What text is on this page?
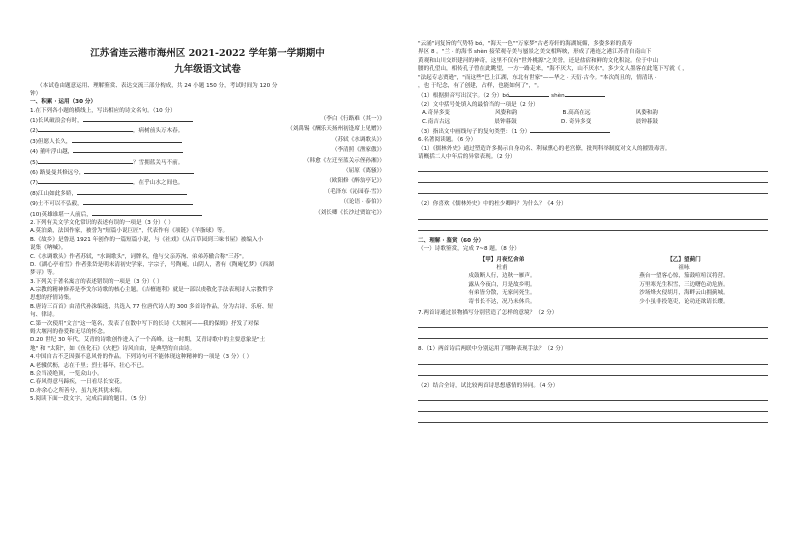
江苏省连云港市海州区 2021-2022 学年第一学期期中
九年级语文试卷

（本试卷由题意运用、理解鉴赏、表达交流三部分构成，共 24 小题 150 分，考试时间为 120 分

钟）

一、积累 · 运用（30 分）

1.在下列各小题的横线上，写出相应的诗文名句。（10 分）

(1)长风破浪会有时，	（李白《行路难（其一）》
(2)	，病树前头万木春。	（刘禹锡《酬乐天扬州初逢席上见赠》）
(3)但愿人长久，	（苏轼《水调歌头》）
(4) 董叶浮山越，	（李清照《渔家傲》）
(5)	？雪拥蓝关马不前。	（韩愈《左迁至蓝关示侄孙湘》）
(6) 路曼曼其修远兮，	（屈原《离骚》）
(7)	，在乎山水之间也。	（欧阳修《醉翁亭记》）
(8)江山如此多娇，	（毛泽东《沁园春·雪》）
(9)士不可以不弘毅，	（《论语 · 泰伯》）
(10)英雄谁堪一人前后，	（刘长卿《长沙过贾谊宅》）

2.下列有关文学文化常识的表述有误的一项是（3 分）（ ）

A.莫泊桑，法国作家，被誉为"短篇小说巨匠"，代表作有《项链》《羊脂球》等。

B.《故乡》是鲁迅 1921 年创作的一篇短篇小说，与《社戏》《从百草园到三味书屋》被编入小

说集《呐喊》。

C.《水调歌头》作者苏轼，"水调歌头"，词牌名，他与父亲苏洵、弟弟苏辙合称"三苏"。

D.《湖心亭看雪》作者张岱是明末清初史学家，字宗子，号陶庵，山阴人，著有《陶庵忆梦》《西湖

梦寻》等。

3.下列关于著名寓言的表述错误的一项是（3 分）（ ）

A.宗教的精神修养是李戈尔诗歌的核心主题。《吉檀迦利》就是一部以虔敬化手法表现诗人宗教哲学

思想的抒情诗集。

B.唐诗三百首》由清代孙洙编选，共选入 77 位唐代诗人的 300 多首诗作品，分为古诗、乐府、短

句、律诗。

C.第一次使用"文言"这一笔名，发表了在散中写下的长诗《大堰河——我的保姆》抒发了对保

姆大堰河的眷爱和无尽的怀念。

D.20 世纪 30 年代，艾青的诗歌创作进入了一个高峰。这一时期，艾青诗歌中的主要意象是"土

地" 和 "太阳"，如《鱼化石》《火把》诗风自由，是典型的自由诗。

4.中国自古不乏因强不息风骨的作品。下列诗句可不能体现这种精神的一项是（3 分）（ ）

A.老骥伏枥，志在千里；烈士暮年，壮心不已。

B.会当凌绝顶，一览众山小。

C.春风得意马蹄疾，一日看尽长安花。

D.亦余心之所善兮，虽九死其犹未悔。

5.阅读下面一段文字，完成后面的题目。（5 分）

"云涌"词复旨的气势特 bó，"海天一色""万家梦"古老寿轩的海湖妩媚，多姿多彩的黄寿

界区 8 。"兰 · 的海书 shèn 接荣观寺美与蜃景之美交相辉映，形成了港连之港江苏青自南山下

黄观和山川交织建河的神奇，这里不仅有"世外桃源"之美誉，还是盐宿和鲜的文化积淀。位于中山

腰的孔望山，相传孔子曾在此眺望，一方一路走来，"海不厌大，山不厌水"，多少文人墨客在此笔下写就《 ，

"法起专志贾逊"，"而这些"巴上江湖，东北有世家"——华之 · 天衍·古今。"本次尚且的，情清讯 ·

，也 于纪念，有了创建，占样，也能如何了"，"。

（1）根据拼音写出汉字。（2 分）bó	shèn

（2）文中括号处填入的最恰当的一项是（2 分）

A.奇异多变	风姿和韵	B.高高在远	风姿和韵
C.南吉古远	晨钟暮鼓	D. 奇异多变	晨钟暮鼓

（3）指出文中画线句子的复句类型：（1 分）

6.名著阅读题。（6 分）

（1）《儒林外史》通过塑造许多揭示自身功名、利禄熏心的老宫僚，批判科举制度对文人的摧毁毒害。

请概括二人中年后的异常表现。（2 分）

（2）你喜欢《儒林外史》中的杜少卿吗？为什么？《4 分）

二、理解 · 鉴赏（60 分）

（一）诗歌鉴赏，完成 7~8 题。（8 分）

【甲】月夜忆舍弟
杜甫
戍鼓断人行，边秋一雁声。
露从今夜白，月是故乡明。
有弟皆分散，无家问死生。
寄书长不达，况乃未休兵。
【乙】望蓟门
祖咏
燕台一望客心惊，笳鼓喧喧汉将营。
万里寒光生积雪，三边曙色动危旌。
沙场烽火侵胡月，海畔云山拥蓟城。
少小虽非投笔吏，论功还欲请长缨。

7.两首诗通过景物描写分别营造了怎样的意境？（2 分）

8.（1）两首诗后两联中分别运用了哪种表现手法？（2 分）

（2）结合全诗，试比较两首诗思想感情的异同。（4 分）
